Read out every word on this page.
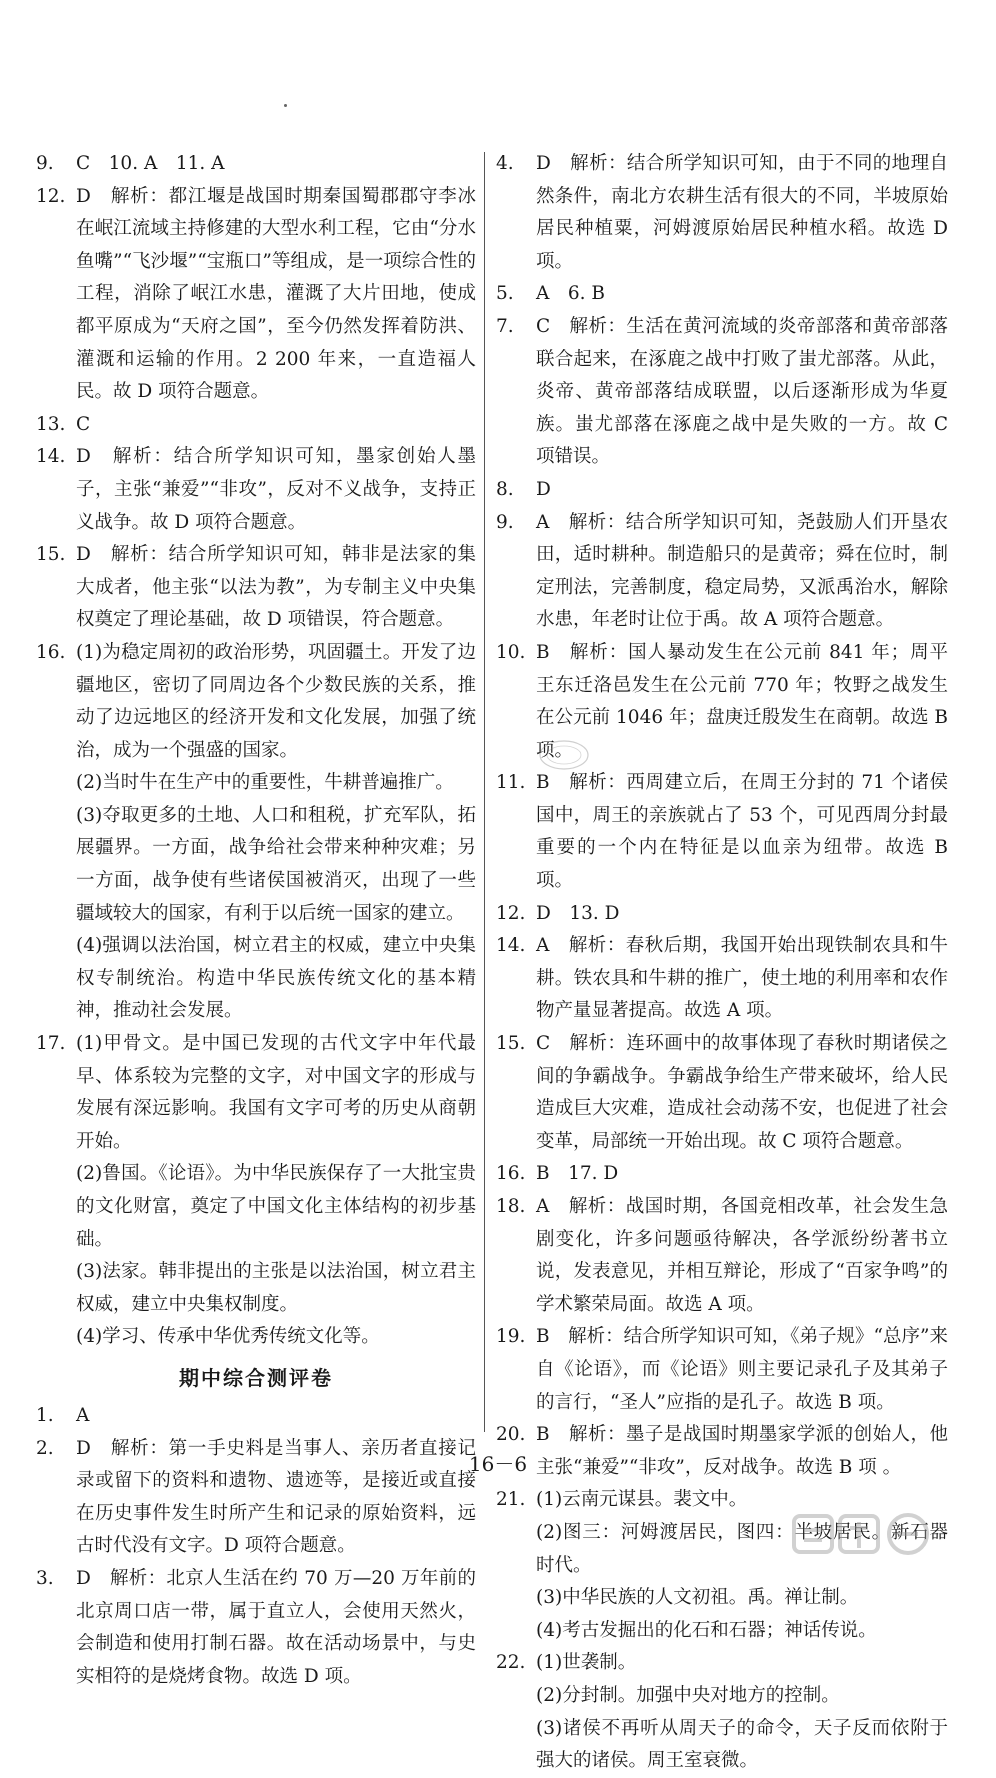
9. C　10. A　11. A
12. D　解析：都江堰是战国时期秦国蜀郡郡守李冰在岷江流域主持修建的大型水利工程，它由“分水鱼嘴”“飞沙堰”“宝瓶口”等组成，是一项综合性的工程，消除了岷江水患，灌溉了大片田地，使成都平原成为“天府之国”，至今仍然发挥着防洪、灌溉和运输的作用。2 200 年来，一直造福人民。故 D 项符合题意。
13. C
14. D　解析：结合所学知识可知，墨家创始人墨子，主张“兼爱”“非攻”，反对不义战争，支持正义战争。故 D 项符合题意。
15. D　解析：结合所学知识可知，韩非是法家的集大成者，他主张“以法为教”，为专制主义中央集权奠定了理论基础，故 D 项错误，符合题意。
16. (1)为稳定周初的政治形势，巩固疆土。开发了边疆地区，密切了同周边各个少数民族的关系，推动了边远地区的经济开发和文化发展，加强了统治，成为一个强盛的国家。
(2)当时牛在生产中的重要性，牛耕普遍推广。
(3)夺取更多的土地、人口和租税，扩充军队，拓展疆界。一方面，战争给社会带来种种灾难；另一方面，战争使有些诸侯国被消灭，出现了一些疆域较大的国家，有利于以后统一国家的建立。
(4)强调以法治国，树立君主的权威，建立中央集权专制统治。构造中华民族传统文化的基本精神，推动社会发展。
17. (1)甲骨文。是中国已发现的古代文字中年代最早、体系较为完整的文字，对中国文字的形成与发展有深远影响。我国有文字可考的历史从商朝开始。
(2)鲁国。《论语》。为中华民族保存了一大批宝贵的文化财富，奠定了中国文化主体结构的初步基础。
(3)法家。韩非提出的主张是以法治国，树立君主权威，建立中央集权制度。
(4)学习、传承中华优秀传统文化等。
期中综合测评卷
1. A
2. D　解析：第一手史料是当事人、亲历者直接记录或留下的资料和遗物、遗迹等，是接近或直接在历史事件发生时所产生和记录的原始资料，远古时代没有文字。D 项符合题意。
3. D　解析：北京人生活在约 70 万—20 万年前的北京周口店一带，属于直立人，会使用天然火，会制造和使用打制石器。故在活动场景中，与史实相符的是烧烤食物。故选 D 项。
4. D　解析：结合所学知识可知，由于不同的地理自然条件，南北方农耕生活有很大的不同，半坡原始居民种植粟，河姆渡原始居民种植水稻。故选 D 项。
5. A　6. B
7. C　解析：生活在黄河流域的炎帝部落和黄帝部落联合起来，在涿鹿之战中打败了蚩尤部落。从此，炎帝、黄帝部落结成联盟，以后逐渐形成为华夏族。蚩尤部落在涿鹿之战中是失败的一方。故 C 项错误。
8. D
9. A　解析：结合所学知识可知，尧鼓励人们开垦农田，适时耕种。制造船只的是黄帝；舜在位时，制定刑法，完善制度，稳定局势，又派禹治水，解除水患，年老时让位于禹。故 A 项符合题意。
10. B　解析：国人暴动发生在公元前 841 年；周平王东迁洛邑发生在公元前 770 年；牧野之战发生在公元前 1046 年；盘庚迁殷发生在商朝。故选 B 项。
11. B　解析：西周建立后，在周王分封的 71 个诸侯国中，周王的亲族就占了 53 个，可见西周分封最重要的一个内在特征是以血亲为纽带。故选 B 项。
12. D　13. D
14. A　解析：春秋后期，我国开始出现铁制农具和牛耕。铁农具和牛耕的推广，使土地的利用率和农作物产量显著提高。故选 A 项。
15. C　解析：连环画中的故事体现了春秋时期诸侯之间的争霸战争。争霸战争给生产带来破坏，给人民造成巨大灾难，造成社会动荡不安，也促进了社会变革，局部统一开始出现。故 C 项符合题意。
16. B　17. D
18. A　解析：战国时期，各国竞相改革，社会发生急剧变化，许多问题亟待解决，各学派纷纷著书立说，发表意见，并相互辩论，形成了“百家争鸣”的学术繁荣局面。故选 A 项。
19. B　解析：结合所学知识可知，《弟子规》“总序”来自《论语》，而《论语》则主要记录孔子及其弟子的言行，“圣人”应指的是孔子。故选 B 项。
20. B　解析：墨子是战国时期墨家学派的创始人，他主张“兼爱”“非攻”，反对战争。故选 B 项 。
21. (1)云南元谋县。裴文中。
(2)图三：河姆渡居民，图四：半坡居民。新石器时代。
(3)中华民族的人文初祖。禹。禅让制。
(4)考古发掘出的化石和石器；神话传说。
22. (1)世袭制。
(2)分封制。加强中央对地方的控制。
(3)诸侯不再听从周天子的命令，天子反而依附于强大的诸侯。周王室衰微。
16－6
